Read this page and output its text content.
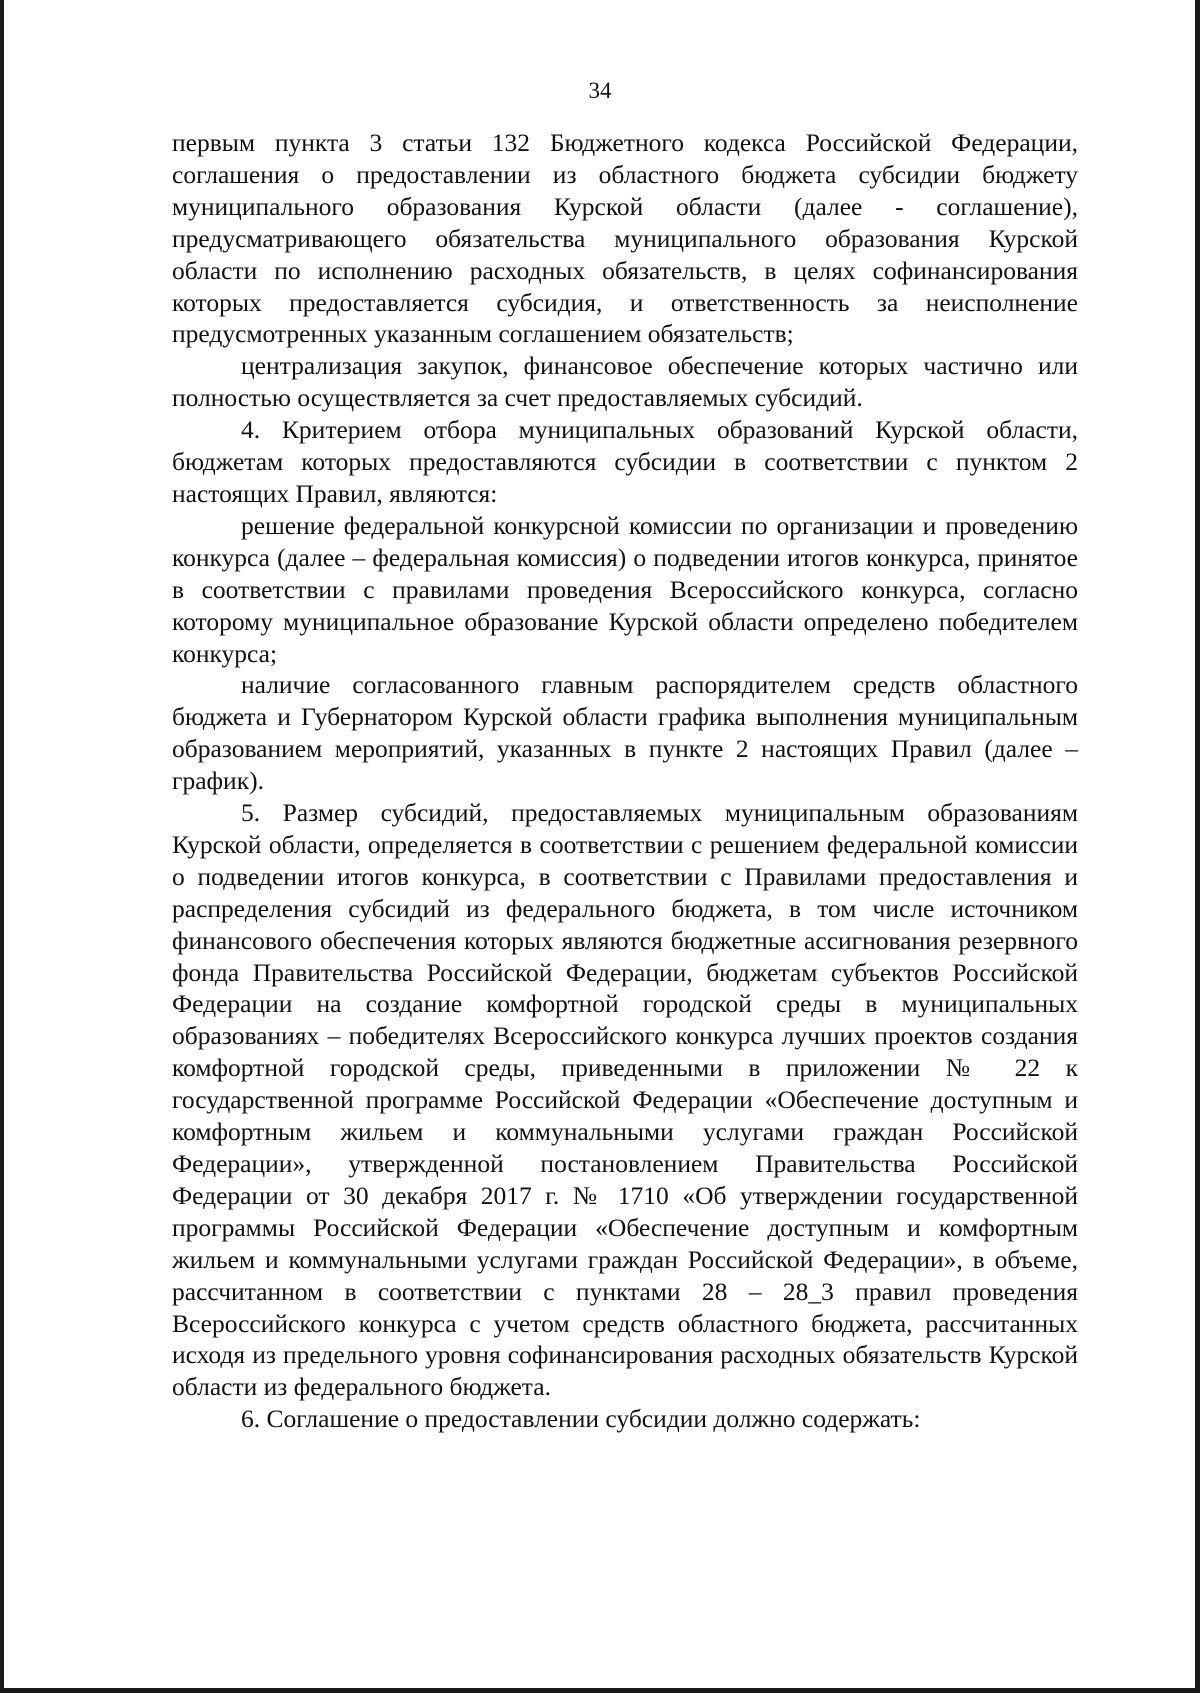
34

первым пункта 3 статьи 132 Бюджетного кодекса Российской Федерации, соглашения о предоставлении из областного бюджета субсидии бюджету муниципального образования Курской области (далее - соглашение), предусматривающего обязательства муниципального образования Курской области по исполнению расходных обязательств, в целях софинансирования которых предоставляется субсидия, и ответственность за неисполнение предусмотренных указанным соглашением обязательств;

централизация закупок, финансовое обеспечение которых частично или полностью осуществляется за счет предоставляемых субсидий.

4. Критерием отбора муниципальных образований Курской области, бюджетам которых предоставляются субсидии в соответствии с пунктом 2 настоящих Правил, являются:

решение федеральной конкурсной комиссии по организации и проведению конкурса (далее – федеральная комиссия) о подведении итогов конкурса, принятое в соответствии с правилами проведения Всероссийского конкурса, согласно которому муниципальное образование Курской области определено победителем конкурса;

наличие согласованного главным распорядителем средств областного бюджета и Губернатором Курской области графика выполнения муниципальным образованием мероприятий, указанных в пункте 2 настоящих Правил (далее – график).

5. Размер субсидий, предоставляемых муниципальным образованиям Курской области, определяется в соответствии с решением федеральной комиссии о подведении итогов конкурса, в соответствии с Правилами предоставления и распределения субсидий из федерального бюджета, в том числе источником финансового обеспечения которых являются бюджетные ассигнования резервного фонда Правительства Российской Федерации, бюджетам субъектов Российской Федерации на создание комфортной городской среды в муниципальных образованиях – победителях Всероссийского конкурса лучших проектов создания комфортной городской среды, приведенными в приложении № 22 к государственной программе Российской Федерации «Обеспечение доступным и комфортным жильем и коммунальными услугами граждан Российской Федерации», утвержденной постановлением Правительства Российской Федерации от 30 декабря 2017 г. № 1710 «Об утверждении государственной программы Российской Федерации «Обеспечение доступным и комфортным жильем и коммунальными услугами граждан Российской Федерации», в объеме, рассчитанном в соответствии с пунктами 28 – 28_3 правил проведения Всероссийского конкурса с учетом средств областного бюджета, рассчитанных исходя из предельного уровня софинансирования расходных обязательств Курской области из федерального бюджета.

6. Соглашение о предоставлении субсидии должно содержать:
